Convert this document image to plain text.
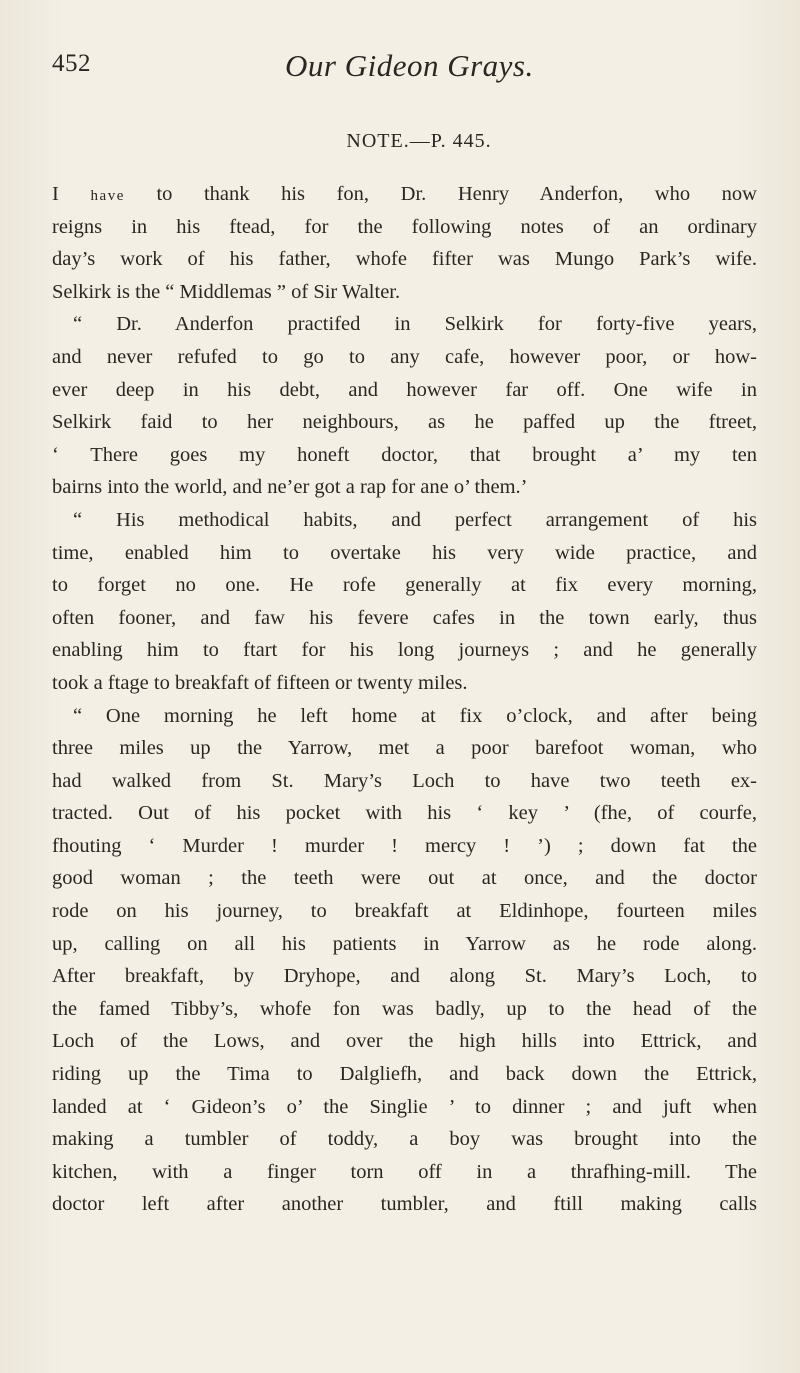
452	Our Gideon Grays.
NOTE.—P. 445.
I have to thank his fon, Dr. Henry Anderfon, who now
reigns in his ftead, for the following notes of an ordinary
day’s work of his father, whofe fifter was Mungo Park’s wife.
Selkirk is the “ Middlemas ” of Sir Walter.
“ Dr. Anderfon practifed in Selkirk for forty-five years,
and never refufed to go to any cafe, however poor, or how-
ever deep in his debt, and however far off. One wife in
Selkirk faid to her neighbours, as he paffed up the ftreet,
‘ There goes my honeft doctor, that brought a’ my ten
bairns into the world, and ne’er got a rap for ane o’ them.’
“ His methodical habits, and perfect arrangement of his
time, enabled him to overtake his very wide practice, and
to forget no one. He rofe generally at fix every morning,
often fooner, and faw his fevere cafes in the town early, thus
enabling him to ftart for his long journeys ; and he generally
took a ftage to breakfaft of fifteen or twenty miles.
“ One morning he left home at fix o’clock, and after being
three miles up the Yarrow, met a poor barefoot woman, who
had walked from St. Mary’s Loch to have two teeth ex-
tracted. Out of his pocket with his ‘ key ’ (fhe, of courfe,
fhouting ‘ Murder ! murder ! mercy ! ’) ; down fat the
good woman ; the teeth were out at once, and the doctor
rode on his journey, to breakfaft at Eldinhope, fourteen miles
up, calling on all his patients in Yarrow as he rode along.
After breakfaft, by Dryhope, and along St. Mary’s Loch, to
the famed Tibby’s, whofe fon was badly, up to the head of the
Loch of the Lows, and over the high hills into Ettrick, and
riding up the Tima to Dalgliefh, and back down the Ettrick,
landed at ‘ Gideon’s o’ the Singlie ’ to dinner ; and juft when
making a tumbler of toddy, a boy was brought into the
kitchen, with a finger torn off in a thrafhing-mill. The
doctor left after another tumbler, and ftill making calls
